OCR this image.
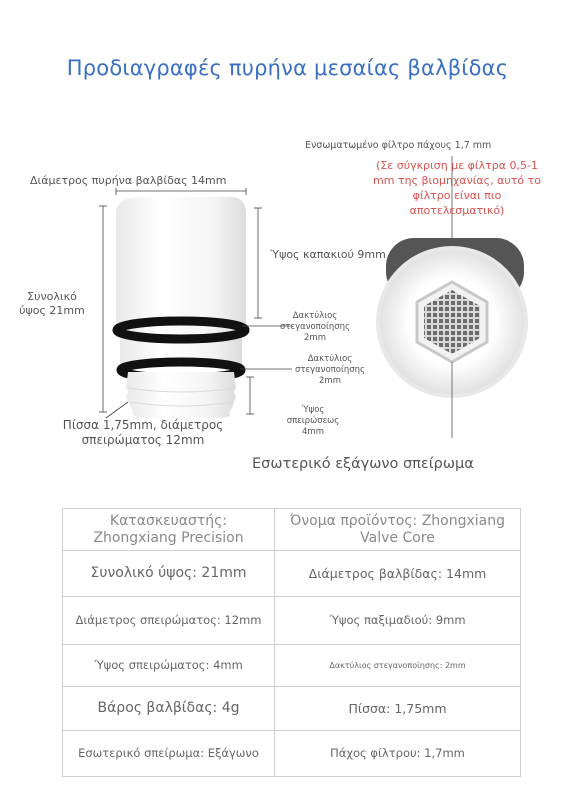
Προδιαγραφές πυρήνα μεσαίας βαλβίδας
Διάμετρος πυρήνα βαλβίδας 14mm
Συνολικό ύψος 21mm
Ύψος καπακιού 9mm
Δακτύλιος στεγανοποίησης 2mm
Δακτύλιος στεγανοποίησης 2mm
Πίσσα 1,75mm, διάμετρος σπειρώματος 12mm
Ύψος σπειρώσεως 4mm
Ενσωματωμένο φίλτρο πάχους 1,7 mm
(Σε σύγκριση με φίλτρα 0,5-1 mm της βιομηχανίας, αυτό το φίλτρο είναι πιο αποτελεσματικό)
Εσωτερικό εξάγωνο σπείρωμα
Κατασκευαστής: Zhongxiang Precision	Όνομα προϊόντος: Zhongxiang Valve Core
Συνολικό ύψος: 21mm	Διάμετρος βαλβίδας: 14mm
Διάμετρος σπειρώματος: 12mm	Ύψος παξιμαδιού: 9mm
Ύψος σπειρώματος: 4mm	Δακτύλιος στεγανοποίησης: 2mm
Βάρος βαλβίδας: 4g	Πίσσα: 1,75mm
Εσωτερικό σπείρωμα: Εξάγωνο	Πάχος φίλτρου: 1,7mm
